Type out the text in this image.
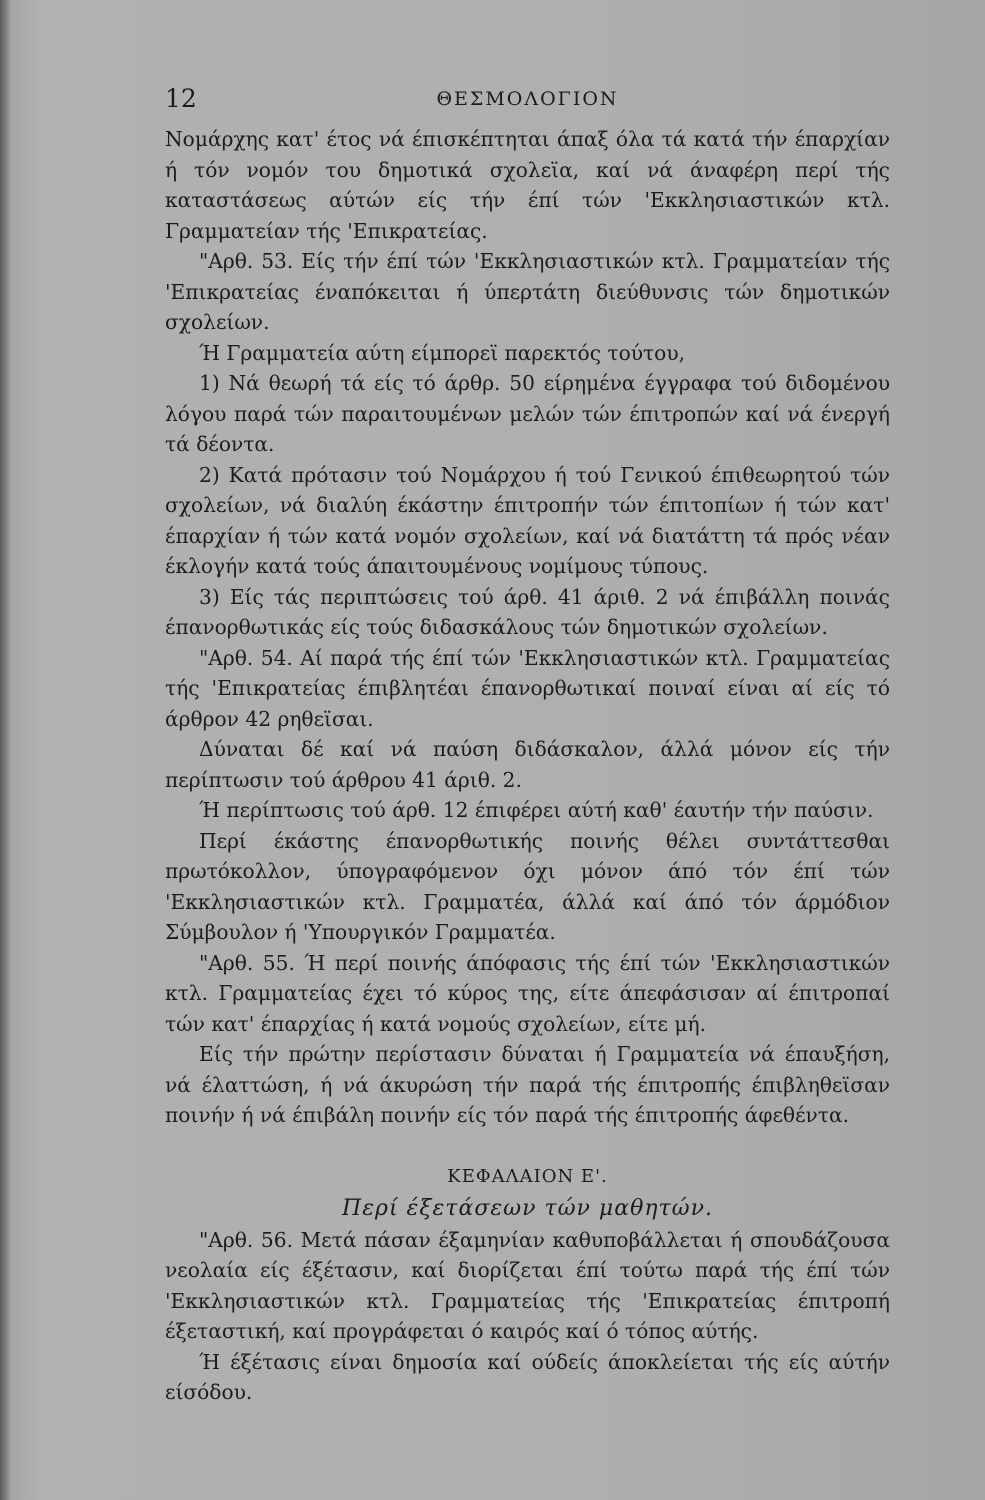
12	ΘΕΣΜΟΛΟΓΙΟΝ

Νομάρχης κατ' έτος νά έπισκέπτηται άπαξ όλα τά κατά τήν έπαρχίαν ή τόν νομόν του δημοτικά σχολεϊα, καί νά άναφέρη περί τής καταστάσεως αύτών είς τήν έπί τών 'Εκκλησιαστικών κτλ. Γραμματείαν τής 'Επικρατείας.

"Αρθ. 53. Είς τήν έπί τών 'Εκκλησιαστικών κτλ. Γραμματείαν τής 'Επικρατείας έναπόκειται ή ύπερτάτη διεύθυνσις τών δημοτικών σχολείων.

Ή Γραμματεία αύτη είμπορεϊ παρεκτός τούτου,

1) Νά θεωρή τά είς τό άρθρ. 50 είρημένα έγγραφα τού διδομένου λόγου παρά τών παραιτουμένων μελών τών έπιτροπών καί νά ένεργή τά δέοντα.

2) Κατά πρότασιν τού Νομάρχου ή τού Γενικού έπιθεωρητού τών σχολείων, νά διαλύη έκάστην έπιτροπήν τών έπιτοπίων ή τών κατ' έπαρχίαν ή τών κατά νομόν σχολείων, καί νά διατάττη τά πρός νέαν έκλογήν κατά τούς άπαιτουμένους νομίμους τύπους.

3) Είς τάς περιπτώσεις τού άρθ. 41 άριθ. 2 νά έπιβάλλη ποινάς έπανορθωτικάς είς τούς διδασκάλους τών δημοτικών σχολείων.

"Αρθ. 54. Αί παρά τής έπί τών 'Εκκλησιαστικών κτλ. Γραμματείας τής 'Επικρατείας έπιβλητέαι έπανορθωτικαί ποιναί είναι αί είς τό άρθρον 42 ρηθεϊσαι.

Δύναται δέ καί νά παύση διδάσκαλον, άλλά μόνον είς τήν περίπτωσιν τού άρθρου 41 άριθ. 2.

Ή περίπτωσις τού άρθ. 12 έπιφέρει αύτή καθ' έαυτήν τήν παύσιν.

Περί έκάστης έπανορθωτικής ποινής θέλει συντάττεσθαι πρωτόκολλον, ύπογραφόμενον όχι μόνον άπό τόν έπί τών 'Εκκλησιαστικών κτλ. Γραμματέα, άλλά καί άπό τόν άρμόδιον Σύμβουλον ή 'Υπουργικόν Γραμματέα.

"Αρθ. 55. Ή περί ποινής άπόφασις τής έπί τών 'Εκκλησιαστικών κτλ. Γραμματείας έχει τό κύρος της, είτε άπεφάσισαν αί έπιτροπαί τών κατ' έπαρχίας ή κατά νομούς σχολείων, είτε μή.

Είς τήν πρώτην περίστασιν δύναται ή Γραμματεία νά έπαυξήση, νά έλαττώση, ή νά άκυρώση τήν παρά τής έπιτροπής έπιβληθεϊσαν ποινήν ή νά έπιβάλη ποινήν είς τόν παρά τής έπιτροπής άφεθέντα.

ΚΕΦΑΛΑΙΟΝ Ε'.

Περί έξετάσεων τών μαθητών.

"Αρθ. 56. Μετά πάσαν έξαμηνίαν καθυποβάλλεται ή σπουδάζουσα νεολαία είς έξέτασιν, καί διορίζεται έπί τούτω παρά τής έπί τών 'Εκκλησιαστικών κτλ. Γραμματείας τής 'Επικρατείας έπιτροπή έξεταστική, καί προγράφεται ό καιρός καί ό τόπος αύτής.

Ή έξέτασις είναι δημοσία καί ούδείς άποκλείεται τής είς αύτήν είσόδου.
